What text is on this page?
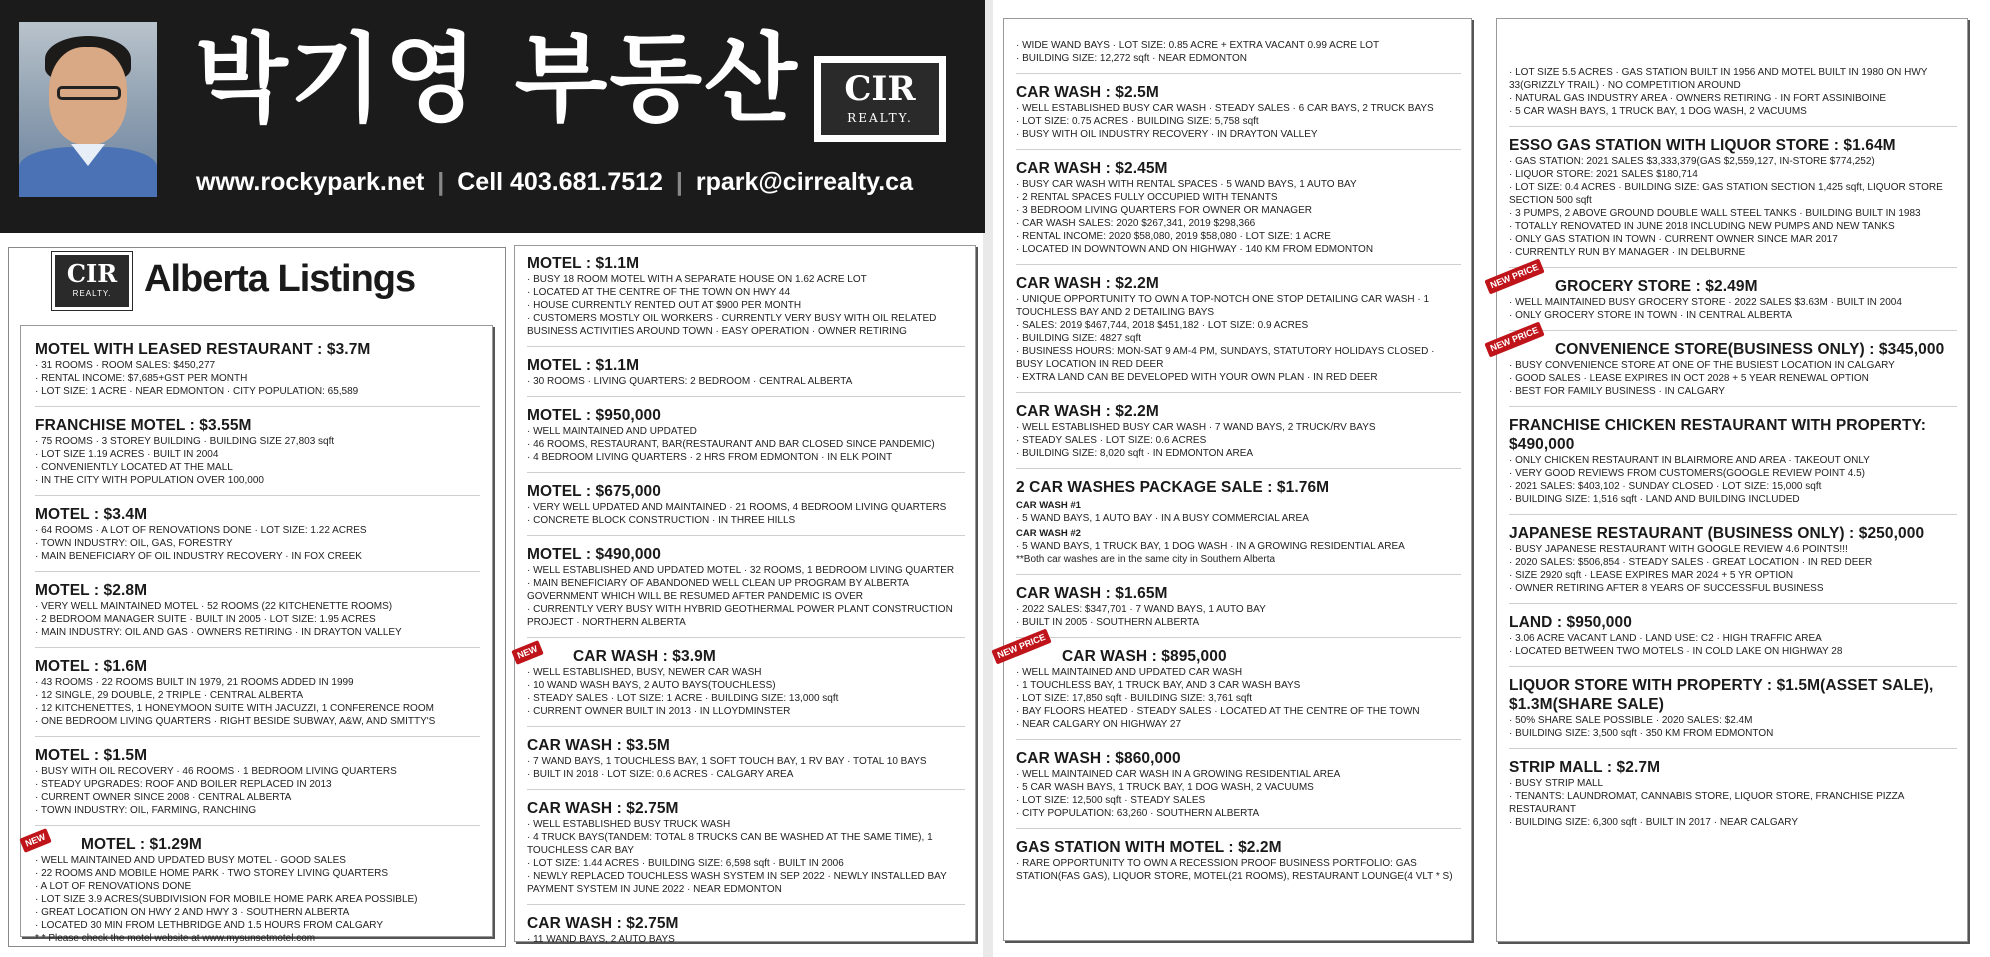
박기영 부동산	CIR
REALTY.
www.rockypark.net | Cell 403.681.7512 | rpark@cirrealty.ca
CIR
REALTY. Alberta Listings
MOTEL WITH LEASED RESTAURANT : $3.7M
· 31 ROOMS · ROOM SALES: $450,277
· RENTAL INCOME: $7,685+GST PER MONTH
· LOT SIZE: 1 ACRE · NEAR EDMONTON · CITY POPULATION: 65,589
FRANCHISE MOTEL : $3.55M
· 75 ROOMS · 3 STOREY BUILDING · BUILDING SIZE 27,803 sqft
· LOT SIZE 1.19 ACRES · BUILT IN 2004
· CONVENIENTLY LOCATED AT THE MALL
· IN THE CITY WITH POPULATION OVER 100,000
MOTEL : $3.4M
· 64 ROOMS · A LOT OF RENOVATIONS DONE · LOT SIZE: 1.22 ACRES
· TOWN INDUSTRY: OIL, GAS, FORESTRY
· MAIN BENEFICIARY OF OIL INDUSTRY RECOVERY · IN FOX CREEK
MOTEL : $2.8M
· VERY WELL MAINTAINED MOTEL · 52 ROOMS (22 KITCHENETTE ROOMS)
· 2 BEDROOM MANAGER SUITE · BUILT IN 2005 · LOT SIZE: 1.95 ACRES
· MAIN INDUSTRY: OIL AND GAS · OWNERS RETIRING · IN DRAYTON VALLEY
MOTEL : $1.6M
· 43 ROOMS · 22 ROOMS BUILT IN 1979, 21 ROOMS ADDED IN 1999
· 12 SINGLE, 29 DOUBLE, 2 TRIPLE · CENTRAL ALBERTA
· 12 KITCHENETTES, 1 HONEYMOON SUITE WITH JACUZZI, 1 CONFERENCE ROOM
· ONE BEDROOM LIVING QUARTERS · RIGHT BESIDE SUBWAY, A&W, AND SMITTY'S
MOTEL : $1.5M
· BUSY WITH OIL RECOVERY · 46 ROOMS · 1 BEDROOM LIVING QUARTERS
· STEADY UPGRADES: ROOF AND BOILER REPLACED IN 2013
· CURRENT OWNER SINCE 2008 · CENTRAL ALBERTA
· TOWN INDUSTRY: OIL, FARMING, RANCHING
NEW	MOTEL : $1.29M
· WELL MAINTAINED AND UPDATED BUSY MOTEL · GOOD SALES
· 22 ROOMS AND MOBILE HOME PARK · TWO STOREY LIVING QUARTERS
· A LOT OF RENOVATIONS DONE
· LOT SIZE 3.9 ACRES(SUBDIVISION FOR MOBILE HOME PARK AREA POSSIBLE)
· GREAT LOCATION ON HWY 2 AND HWY 3 · SOUTHERN ALBERTA
· LOCATED 30 MIN FROM LETHBRIDGE AND 1.5 HOURS FROM CALGARY
* * Please check the motel website at www.mysunsetmotel.com
MOTEL : $1.1M
· BUSY 18 ROOM MOTEL WITH A SEPARATE HOUSE ON 1.62 ACRE LOT
· LOCATED AT THE CENTRE OF THE TOWN ON HWY 44
· HOUSE CURRENTLY RENTED OUT AT $900 PER MONTH
· CUSTOMERS MOSTLY OIL WORKERS · CURRENTLY VERY BUSY WITH OIL RELATED BUSINESS ACTIVITIES AROUND TOWN · EASY OPERATION · OWNER RETIRING
MOTEL : $1.1M
· 30 ROOMS · LIVING QUARTERS: 2 BEDROOM · CENTRAL ALBERTA
MOTEL : $950,000
· WELL MAINTAINED AND UPDATED
· 46 ROOMS, RESTAURANT, BAR(RESTAURANT AND BAR CLOSED SINCE PANDEMIC)
· 4 BEDROOM LIVING QUARTERS · 2 HRS FROM EDMONTON · IN ELK POINT
MOTEL : $675,000
· VERY WELL UPDATED AND MAINTAINED · 21 ROOMS, 4 BEDROOM LIVING QUARTERS
· CONCRETE BLOCK CONSTRUCTION · IN THREE HILLS
MOTEL : $490,000
· WELL ESTABLISHED AND UPDATED MOTEL · 32 ROOMS, 1 BEDROOM LIVING QUARTER
· MAIN BENEFICIARY OF ABANDONED WELL CLEAN UP PROGRAM BY ALBERTA GOVERNMENT WHICH WILL BE RESUMED AFTER PANDEMIC IS OVER
· CURRENTLY VERY BUSY WITH HYBRID GEOTHERMAL POWER PLANT CONSTRUCTION PROJECT · NORTHERN ALBERTA
NEW	CAR WASH : $3.9M
· WELL ESTABLISHED, BUSY, NEWER CAR WASH
· 10 WAND WASH BAYS, 2 AUTO BAYS(TOUCHLESS)
· STEADY SALES · LOT SIZE: 1 ACRE · BUILDING SIZE: 13,000 sqft
· CURRENT OWNER BUILT IN 2013 · IN LLOYDMINSTER
CAR WASH : $3.5M
· 7 WAND BAYS, 1 TOUCHLESS BAY, 1 SOFT TOUCH BAY, 1 RV BAY · TOTAL 10 BAYS
· BUILT IN 2018 · LOT SIZE: 0.6 ACRES · CALGARY AREA
CAR WASH : $2.75M
· WELL ESTABLISHED BUSY TRUCK WASH
· 4 TRUCK BAYS(TANDEM: TOTAL 8 TRUCKS CAN BE WASHED AT THE SAME TIME), 1 TOUCHLESS CAR BAY
· LOT SIZE: 1.44 ACRES · BUILDING SIZE: 6,598 sqft · BUILT IN 2006
· NEWLY REPLACED TOUCHLESS WASH SYSTEM IN SEP 2022 · NEWLY INSTALLED BAY PAYMENT SYSTEM IN JUNE 2022 · NEAR EDMONTON
CAR WASH : $2.75M
· 11 WAND BAYS, 2 AUTO BAYS
· WIDE WAND BAYS · LOT SIZE: 0.85 ACRE + EXTRA VACANT 0.99 ACRE LOT
· BUILDING SIZE: 12,272 sqft · NEAR EDMONTON
CAR WASH : $2.5M
· WELL ESTABLISHED BUSY CAR WASH · STEADY SALES · 6 CAR BAYS, 2 TRUCK BAYS
· LOT SIZE: 0.75 ACRES · BUILDING SIZE: 5,758 sqft
· BUSY WITH OIL INDUSTRY RECOVERY · IN DRAYTON VALLEY
CAR WASH : $2.45M
· BUSY CAR WASH WITH RENTAL SPACES · 5 WAND BAYS, 1 AUTO BAY
· 2 RENTAL SPACES FULLY OCCUPIED WITH TENANTS
· 3 BEDROOM LIVING QUARTERS FOR OWNER OR MANAGER
· CAR WASH SALES: 2020 $267,341, 2019 $298,366
· RENTAL INCOME: 2020 $58,080, 2019 $58,080 · LOT SIZE: 1 ACRE
· LOCATED IN DOWNTOWN AND ON HIGHWAY · 140 KM FROM EDMONTON
CAR WASH : $2.2M
· UNIQUE OPPORTUNITY TO OWN A TOP-NOTCH ONE STOP DETAILING CAR WASH · 1 TOUCHLESS BAY AND 2 DETAILING BAYS
· SALES: 2019 $467,744, 2018 $451,182 · LOT SIZE: 0.9 ACRES
· BUILDING SIZE: 4827 sqft
· BUSINESS HOURS: MON-SAT 9 AM-4 PM, SUNDAYS, STATUTORY HOLIDAYS CLOSED · BUSY LOCATION IN RED DEER
· EXTRA LAND CAN BE DEVELOPED WITH YOUR OWN PLAN · IN RED DEER
CAR WASH : $2.2M
· WELL ESTABLISHED BUSY CAR WASH · 7 WAND BAYS, 2 TRUCK/RV BAYS
· STEADY SALES · LOT SIZE: 0.6 ACRES
· BUILDING SIZE: 8,020 sqft · IN EDMONTON AREA
2 CAR WASHES PACKAGE SALE : $1.76M
CAR WASH #1
· 5 WAND BAYS, 1 AUTO BAY · IN A BUSY COMMERCIAL AREA
CAR WASH #2
· 5 WAND BAYS, 1 TRUCK BAY, 1 DOG WASH · IN A GROWING RESIDENTIAL AREA
**Both car washes are in the same city in Southern Alberta
CAR WASH : $1.65M
· 2022 SALES: $347,701 · 7 WAND BAYS, 1 AUTO BAY
· BUILT IN 2005 · SOUTHERN ALBERTA
NEW PRICE CAR WASH : $895,000
· WELL MAINTAINED AND UPDATED CAR WASH
· 1 TOUCHLESS BAY, 1 TRUCK BAY, AND 3 CAR WASH BAYS
· LOT SIZE: 17,850 sqft · BUILDING SIZE: 3,761 sqft
· BAY FLOORS HEATED · STEADY SALES · LOCATED AT THE CENTRE OF THE TOWN
· NEAR CALGARY ON HIGHWAY 27
CAR WASH : $860,000
· WELL MAINTAINED CAR WASH IN A GROWING RESIDENTIAL AREA
· 5 CAR WASH BAYS, 1 TRUCK BAY, 1 DOG WASH, 2 VACUUMS
· LOT SIZE: 12,500 sqft · STEADY SALES
· CITY POPULATION: 63,260 · SOUTHERN ALBERTA
GAS STATION WITH MOTEL : $2.2M
· RARE OPPORTUNITY TO OWN A RECESSION PROOF BUSINESS PORTFOLIO: GAS STATION(FAS GAS), LIQUOR STORE, MOTEL(21 ROOMS), RESTAURANT LOUNGE(4 VLT * S)
· LOT SIZE 5.5 ACRES · GAS STATION BUILT IN 1956 AND MOTEL BUILT IN 1980 ON HWY 33(GRIZZLY TRAIL) · NO COMPETITION AROUND
· NATURAL GAS INDUSTRY AREA · OWNERS RETIRING · IN FORT ASSINIBOINE
· 5 CAR WASH BAYS, 1 TRUCK BAY, 1 DOG WASH, 2 VACUUMS
ESSO GAS STATION WITH LIQUOR STORE : $1.64M
· GAS STATION: 2021 SALES $3,333,379(GAS $2,559,127, IN-STORE $774,252)
· LIQUOR STORE: 2021 SALES $180,714
· LOT SIZE: 0.4 ACRES · BUILDING SIZE: GAS STATION SECTION 1,425 sqft, LIQUOR STORE SECTION 500 sqft
· 3 PUMPS, 2 ABOVE GROUND DOUBLE WALL STEEL TANKS · BUILDING BUILT IN 1983
· TOTALLY RENOVATED IN JUNE 2018 INCLUDING NEW PUMPS AND NEW TANKS
· ONLY GAS STATION IN TOWN · CURRENT OWNER SINCE MAR 2017
· CURRENTLY RUN BY MANAGER · IN DELBURNE
NEW PRICE GROCERY STORE : $2.49M
· WELL MAINTAINED BUSY GROCERY STORE · 2022 SALES $3.63M · BUILT IN 2004
· ONLY GROCERY STORE IN TOWN · IN CENTRAL ALBERTA
NEW PRICE CONVENIENCE STORE(BUSINESS ONLY) : $345,000
· BUSY CONVENIENCE STORE AT ONE OF THE BUSIEST LOCATION IN CALGARY
· GOOD SALES · LEASE EXPIRES IN OCT 2028 + 5 YEAR RENEWAL OPTION
· BEST FOR FAMILY BUSINESS · IN CALGARY
FRANCHISE CHICKEN RESTAURANT WITH PROPERTY: $490,000
· ONLY CHICKEN RESTAURANT IN BLAIRMORE AND AREA · TAKEOUT ONLY
· VERY GOOD REVIEWS FROM CUSTOMERS(GOOGLE REVIEW POINT 4.5)
· 2021 SALES: $403,102 · SUNDAY CLOSED · LOT SIZE: 15,000 sqft
· BUILDING SIZE: 1,516 sqft · LAND AND BUILDING INCLUDED
JAPANESE RESTAURANT (BUSINESS ONLY) : $250,000
· BUSY JAPANESE RESTAURANT WITH GOOGLE REVIEW 4.6 POINTS!!!
· 2020 SALES: $506,854 · STEADY SALES · GREAT LOCATION · IN RED DEER
· SIZE 2920 sqft · LEASE EXPIRES MAR 2024 + 5 YR OPTION
· OWNER RETIRING AFTER 8 YEARS OF SUCCESSFUL BUSINESS
LAND : $950,000
· 3.06 ACRE VACANT LAND · LAND USE: C2 · HIGH TRAFFIC AREA
· LOCATED BETWEEN TWO MOTELS · IN COLD LAKE ON HIGHWAY 28
LIQUOR STORE WITH PROPERTY : $1.5M(ASSET SALE), $1.3M(SHARE SALE)
· 50% SHARE SALE POSSIBLE · 2020 SALES: $2.4M
· BUILDING SIZE: 3,500 sqft · 350 KM FROM EDMONTON
STRIP MALL : $2.7M
· BUSY STRIP MALL
· TENANTS: LAUNDROMAT, CANNABIS STORE, LIQUOR STORE, FRANCHISE PIZZA RESTAURANT
· BUILDING SIZE: 6,300 sqft · BUILT IN 2017 · NEAR CALGARY
